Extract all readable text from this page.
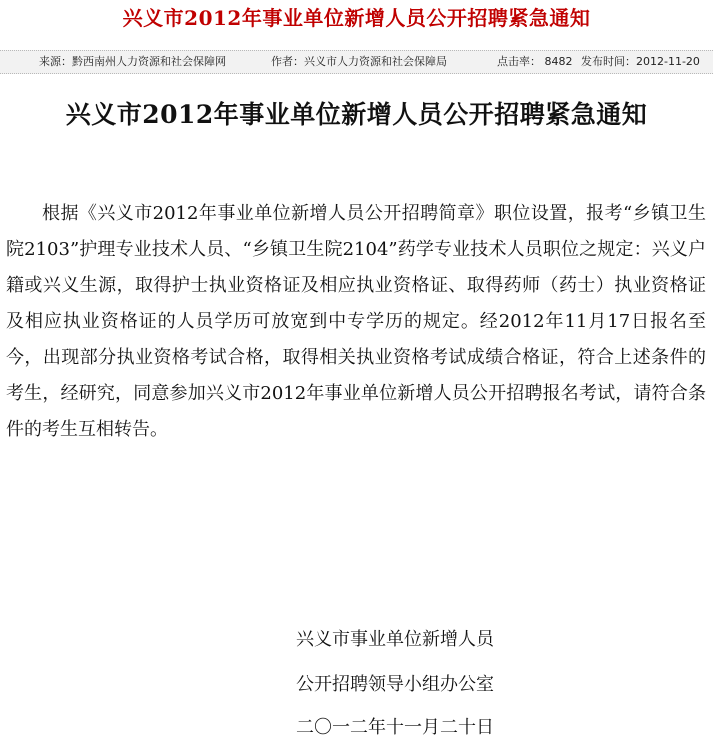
兴义市2012年事业单位新增人员公开招聘紧急通知
来源：黔西南州人力资源和社会保障网	作者：兴义市人力资源和社会保障局	点击率： 8482 发布时间：2012-11-20
兴义市2012年事业单位新增人员公开招聘紧急通知

根据《兴义市2012年事业单位新增人员公开招聘简章》职位设置，报考“乡镇卫生院2103”护理专业技术人员、“乡镇卫生院2104”药学专业技术人员职位之规定：兴义户籍或兴义生源，取得护士执业资格证及相应执业资格证、取得药师（药士）执业资格证及相应执业资格证的人员学历可放宽到中专学历的规定。经2012年11月17日报名至今，出现部分执业资格考试合格，取得相关执业资格考试成绩合格证，符合上述条件的考生，经研究，同意参加兴义市2012年事业单位新增人员公开招聘报名考试，请符合条件的考生互相转告。

兴义市事业单位新增人员
公开招聘领导小组办公室
二〇一二年十一月二十日
